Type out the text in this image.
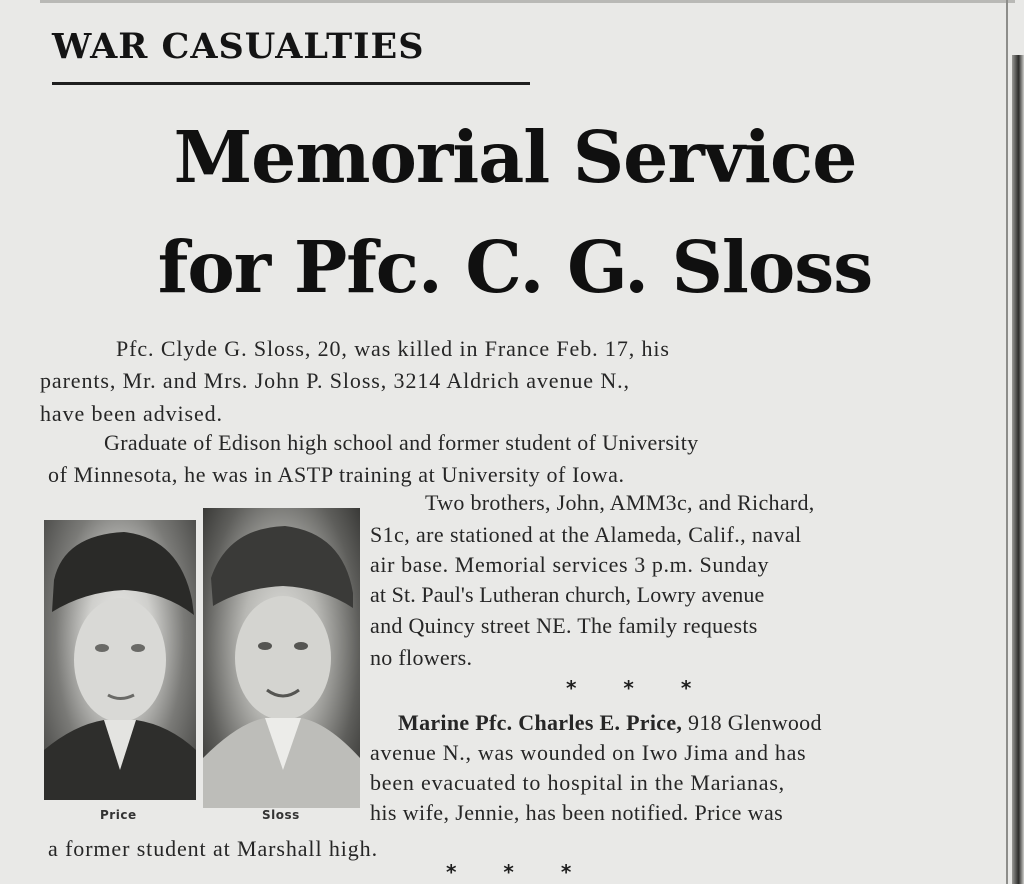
WAR CASUALTIES
Memorial Service
for Pfc. C. G. Sloss

Pfc. Clyde G. Sloss, 20, was killed in France Feb. 17, his

parents, Mr. and Mrs. John P. Sloss, 3214 Aldrich avenue N.,

have been advised.

Graduate of Edison high school and former student of University

of Minnesota, he was in ASTP training at University of Iowa.

Two brothers, John, AMM3c, and Richard,

S1c, are stationed at the Alameda, Calif., naval

air base. Memorial services 3 p.m. Sunday

at St. Paul's Lutheran church, Lowry avenue

and Quincy street NE. The family requests

no flowers.

* * *

Marine Pfc. Charles E. Price, 918 Glenwood

avenue N., was wounded on Iwo Jima and has

been evacuated to hospital in the Marianas,

his wife, Jennie, has been notified. Price was

a former student at Marshall high.

* * *

Price	Sloss
